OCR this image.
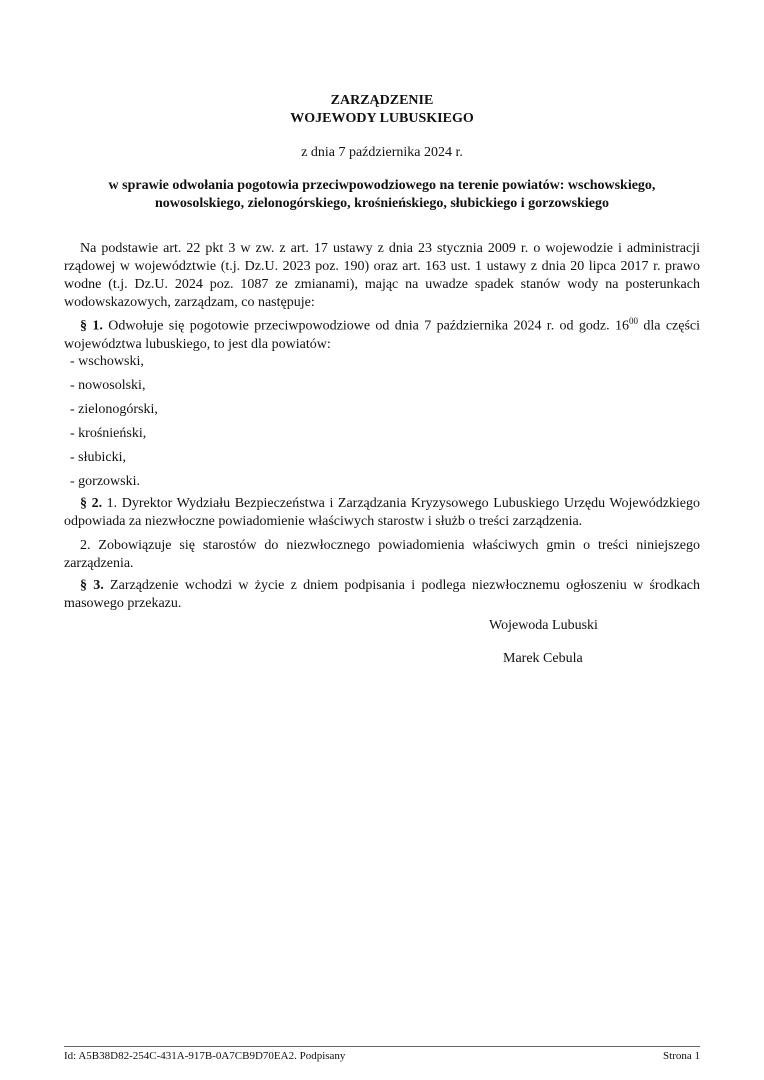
ZARZĄDZENIE
WOJEWODY LUBUSKIEGO
z dnia 7 października 2024 r.
w sprawie odwołania pogotowia przeciwpowodziowego na terenie powiatów: wschowskiego,
nowosolskiego, zielonogórskiego, krośnieńskiego, słubickiego i gorzowskiego
Na podstawie art. 22 pkt 3 w zw. z art. 17 ustawy z dnia 23 stycznia 2009 r. o wojewodzie i administracji rządowej w województwie (t.j. Dz.U. 2023 poz. 190) oraz art. 163 ust. 1 ustawy z dnia 20 lipca 2017 r. prawo wodne (t.j. Dz.U. 2024 poz. 1087 ze zmianami), mając na uwadze spadek stanów wody na posterunkach wodowskazowych, zarządzam, co następuje:
§ 1. Odwołuje się pogotowie przeciwpowodziowe od dnia 7 października 2024 r. od godz. $16^{00}$ dla części województwa lubuskiego, to jest dla powiatów:
- wschowski,
- nowosolski,
- zielonogórski,
- krośnieński,
- słubicki,
- gorzowski.
§ 2. 1. Dyrektor Wydziału Bezpieczeństwa i Zarządzania Kryzysowego Lubuskiego Urzędu Wojewódzkiego odpowiada za niezwłoczne powiadomienie właściwych starostw i służb o treści zarządzenia.
2. Zobowiązuje się starostów do niezwłocznego powiadomienia właściwych gmin o treści niniejszego zarządzenia.
§ 3. Zarządzenie wchodzi w życie z dniem podpisania i podlega niezwłocznemu ogłoszeniu w środkach masowego przekazu.
Wojewoda Lubuski
Marek Cebula
Id: A5B38D82-254C-431A-917B-0A7CB9D70EA2. Podpisany	Strona 1
